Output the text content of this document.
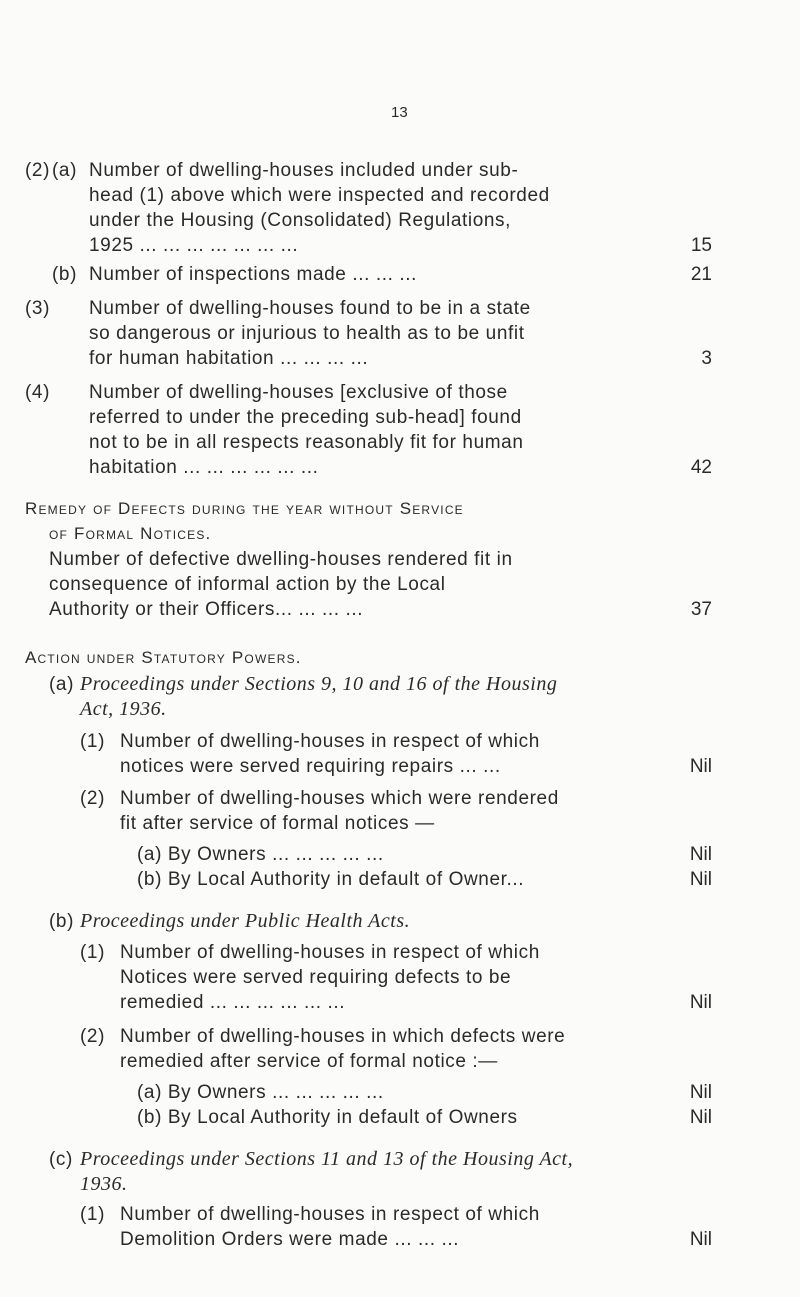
13
(2) (a) Number of dwelling-houses included under sub-
head (1) above which were inspected and recorded
under the Housing (Consolidated) Regulations,
1925 ... ... ... ... ... ... ...	15
(b) Number of inspections made ... ... ...	21
(3) Number of dwelling-houses found to be in a state
so dangerous or injurious to health as to be unfit
for human habitation ... ... ... ...	3
(4) Number of dwelling-houses [exclusive of those
referred to under the preceding sub-head] found
not to be in all respects reasonably fit for human
habitation ... ... ... ... ... ...	42
Remedy of Defects during the year without Service
of Formal Notices.
Number of defective dwelling-houses rendered fit in
consequence of informal action by the Local
Authority or their Officers... ... ... ...	37
Action under Statutory Powers.
(a) Proceedings under Sections 9, 10 and 16 of the Housing
Act, 1936.
(1) Number of dwelling-houses in respect of which
notices were served requiring repairs ... ...	Nil
(2) Number of dwelling-houses which were rendered
fit after service of formal notices —
(a) By Owners ... ... ... ... ...	Nil
(b) By Local Authority in default of Owner...	Nil
(b) Proceedings under Public Health Acts.
(1) Number of dwelling-houses in respect of which
Notices were served requiring defects to be
remedied ... ... ... ... ... ...	Nil
(2) Number of dwelling-houses in which defects were
remedied after service of formal notice :—
(a) By Owners ... ... ... ... ...	Nil
(b) By Local Authority in default of Owners	Nil
(c) Proceedings under Sections 11 and 13 of the Housing Act,
1936.
(1) Number of dwelling-houses in respect of which
Demolition Orders were made ... ... ...	Nil
